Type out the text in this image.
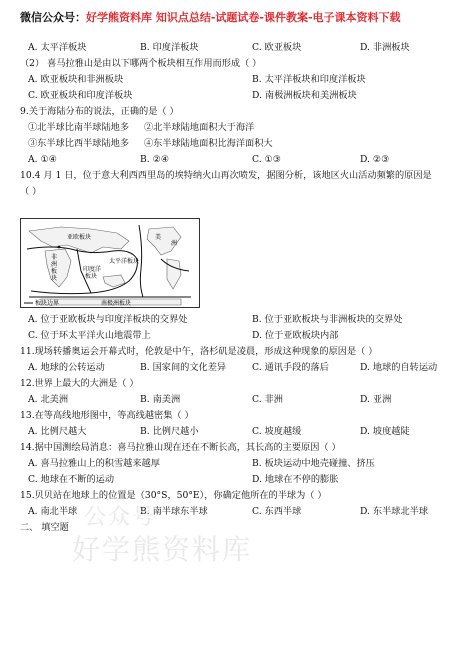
微信公众号：好学熊资料库 知识点总结-试题试卷-课件教案-电子课本资料下载
A. 太平洋板块	B. 印度洋板块	C. 欧亚板块	D. 非洲板块
（2） 喜马拉雅山是由以下哪两个板块相互作用而形成（ ）
A. 欧亚板块和非洲板块	B. 太平洋板块和印度洋板块
C. 欧亚板块和印度洋板块	D. 南极洲板块和美洲板块
9.关于海陆分布的说法，正确的是（ ）
①北半球比南半球陆地多 ②北半球陆地面积大于海洋
③东半球比西半球陆地多 ④东半球陆地面积比海洋面积大
A. ①④	B. ②④	C. ①③	D. ②③
10.4 月 1 日，位于意大利西西里岛的埃特纳火山再次喷发，据图分析，该地区火山活动频繁的原因是
（ ）
亚欧板块
非
洲
板
块
印度洋
板块
太平洋板块
美
洲
南极洲板块
板块边界
A. 位于亚欧板块与印度洋板块的交界处	B. 位于亚欧板块与非洲板块的交界处
C. 位于环太平洋火山地震带上	D. 位于亚欧板块内部
11.现场转播奥运会开幕式时，伦敦是中午，洛杉矶是凌晨，形成这种现象的原因是（ ）
A. 地球的公转运动	B. 国家间的文化差异	C. 通讯手段的落后	D. 地球的自转运动
12.世界上最大的大洲是（ ）
A. 北美洲	B. 南美洲	C. 非洲	D. 亚洲
13.在等高线地形图中，等高线越密集（ ）
A. 比例尺越大	B. 比例尺越小	C. 坡度越缓	D. 坡度越陡
14.据中国测绘局消息：喜马拉雅山现在还在不断长高，其长高的主要原因（ ）
A. 喜马拉雅山上的积雪越来越厚	B. 板块运动中地壳碰撞、挤压
C. 地球在不断的运动	D. 地球在不停的膨胀
15.贝贝站在地球上的位置是（30°S，50°E），你确定他所在的半球为（ ）
A. 南北半球	B. 南半球东半球	C. 东西半球	D. 东半球北半球
二、 填空题 公众号
好学熊资料库
